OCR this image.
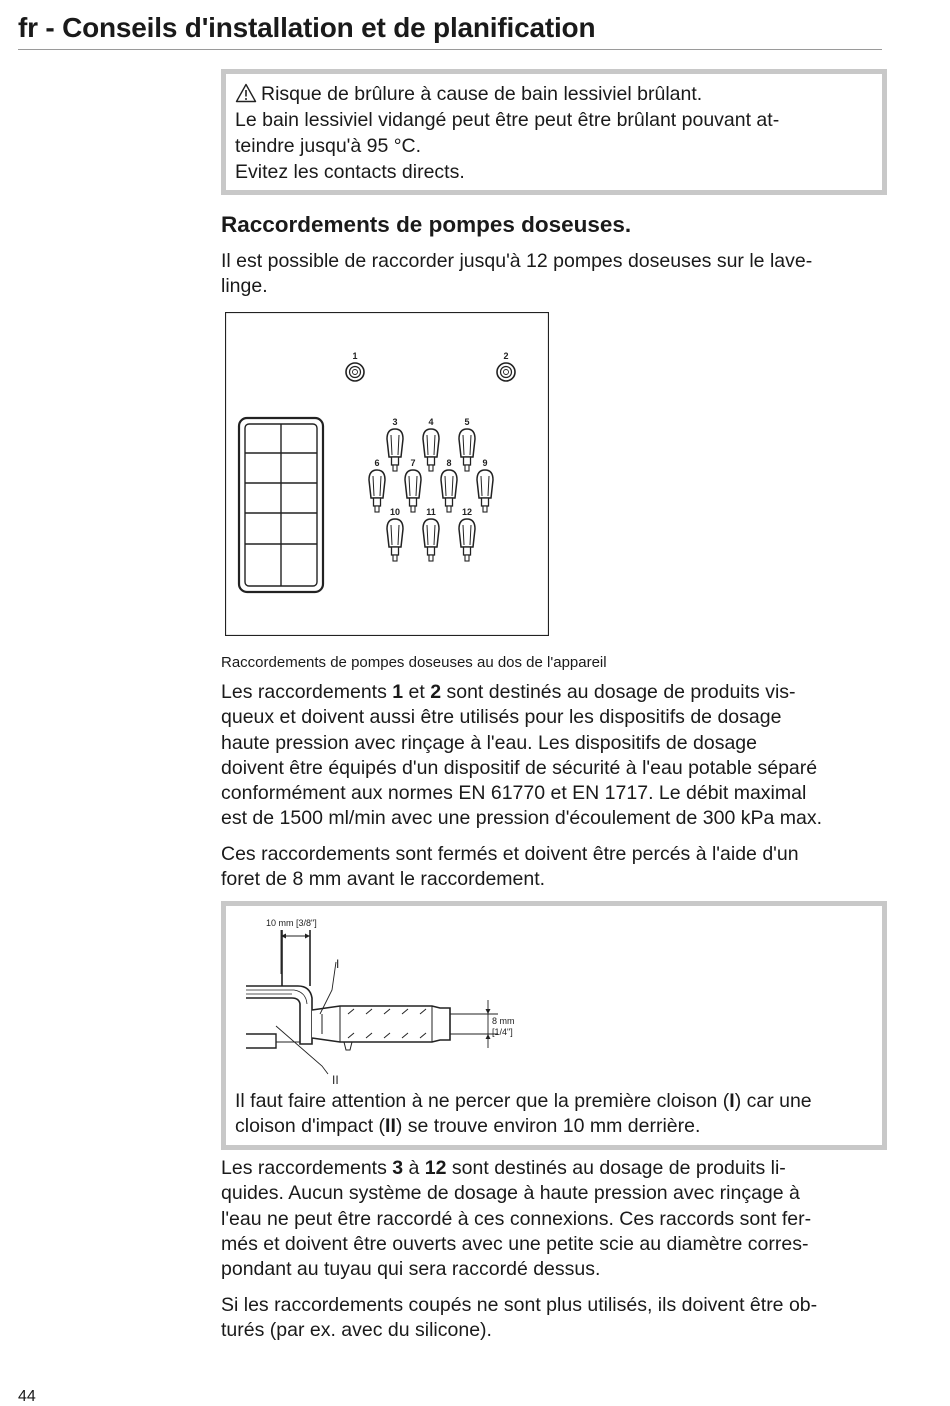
fr - Conseils d'installation et de planification

Risque de brûlure à cause de bain lessiviel brûlant.

Le bain lessiviel vidangé peut être peut être brûlant pouvant at-

teindre jusqu'à 95 °C.

Evitez les contacts directs.

Raccordements de pompes doseuses.

Il est possible de raccorder jusqu'à 12 pompes doseuses sur le lave-

linge.

1	2
3	4	5
6	7	8	9
10	11	12

Raccordements de pompes doseuses au dos de l'appareil

Les raccordements 1 et 2 sont destinés au dosage de produits vis-

queux et doivent aussi être utilisés pour les dispositifs de dosage

haute pression avec rinçage à l'eau. Les dispositifs de dosage

doivent être équipés d'un dispositif de sécurité à l'eau potable séparé

conformément aux normes EN 61770 et EN 1717. Le débit maximal

est de 1500 ml/min avec une pression d'écoulement de 300 kPa max.

Ces raccordements sont fermés et doivent être percés à l'aide d'un

foret de 8 mm avant le raccordement.

10 mm [3/8"]
8 mm
[1/4"]
I
II
Il faut faire attention à ne percer que la première cloison (I) car une
cloison d'impact (II) se trouve environ 10 mm derrière.

Les raccordements 3 à 12 sont destinés au dosage de produits li-

quides. Aucun système de dosage à haute pression avec rinçage à

l'eau ne peut être raccordé à ces connexions. Ces raccords sont fer-

més et doivent être ouverts avec une petite scie au diamètre corres-

pondant au tuyau qui sera raccordé dessus.

Si les raccordements coupés ne sont plus utilisés, ils doivent être ob-

turés (par ex. avec du silicone).

44
